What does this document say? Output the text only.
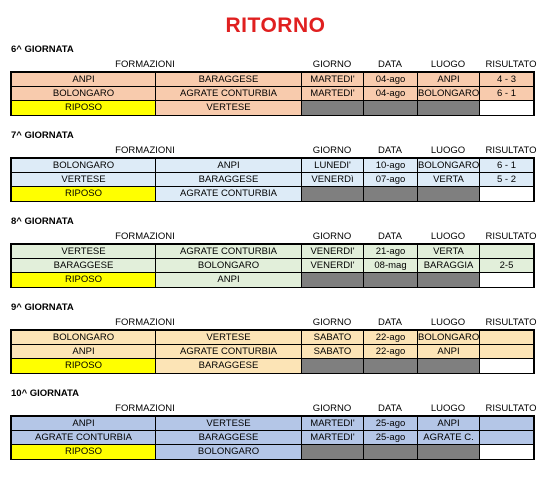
RITORNO
6^ GIORNATA
FORMAZIONI	GIORNO	DATA	LUOGO	RISULTATO
ANPI	BARAGGESE	MARTEDI'	04-ago	ANPI	4 - 3
BOLONGARO	AGRATE CONTURBIA	MARTEDI'	04-ago	BOLONGARO	6 - 1
RIPOSO	VERTESE
7^ GIORNATA
FORMAZIONI	GIORNO	DATA	LUOGO	RISULTATO
BOLONGARO	ANPI	LUNEDI'	10-ago	BOLONGARO	6 - 1
VERTESE	BARAGGESE	VENERDì	07-ago	VERTA	5 - 2
RIPOSO	AGRATE CONTURBIA
8^ GIORNATA
FORMAZIONI	GIORNO	DATA	LUOGO	RISULTATO
VERTESE	AGRATE CONTURBIA	VENERDI'	21-ago	VERTA
BARAGGESE	BOLONGARO	VENERDI'	08-mag	BARAGGIA	2-5
RIPOSO	ANPI
9^ GIORNATA
FORMAZIONI	GIORNO	DATA	LUOGO	RISULTATO
BOLONGARO	VERTESE	SABATO	22-ago	BOLONGARO
ANPI	AGRATE CONTURBIA	SABATO	22-ago	ANPI
RIPOSO	BARAGGESE
10^ GIORNATA
FORMAZIONI	GIORNO	DATA	LUOGO	RISULTATO
ANPI	VERTESE	MARTEDI'	25-ago	ANPI
AGRATE CONTURBIA	BARAGGESE	MARTEDI'	25-ago	AGRATE C.
RIPOSO	BOLONGARO
